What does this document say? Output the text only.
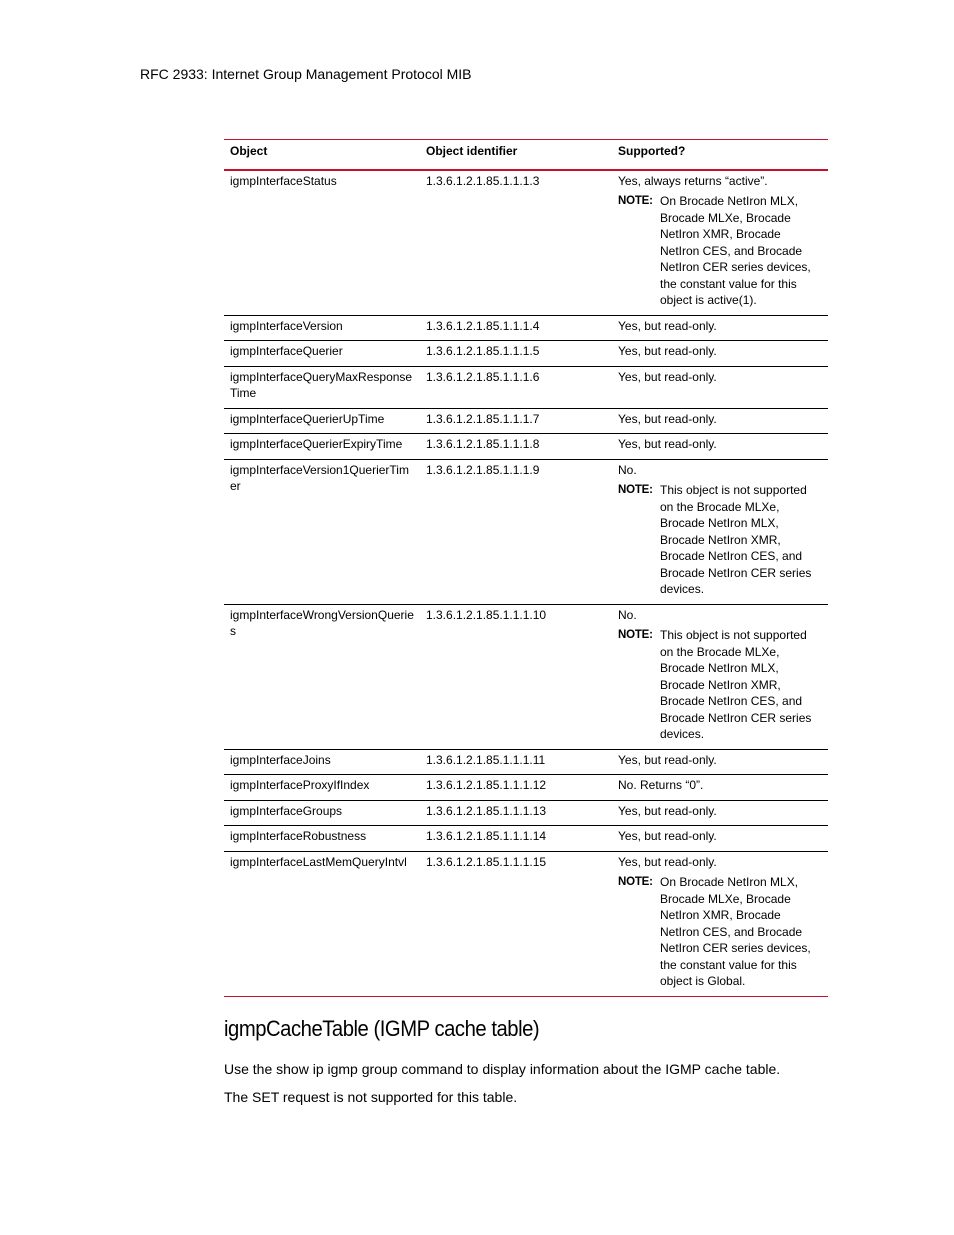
RFC 2933: Internet Group Management Protocol MIB
Object	Object identifier	Supported?
igmpInterfaceStatus	1.3.6.1.2.1.85.1.1.1.3	Yes, always returns “active”.
NOTE: On Brocade NetIron MLX, Brocade MLXe, Brocade NetIron XMR, Brocade NetIron CES, and Brocade NetIron CER series devices, the constant value for this object is active(1).

igmpInterfaceVersion	1.3.6.1.2.1.85.1.1.1.4	Yes, but read-only.

igmpInterfaceQuerier	1.3.6.1.2.1.85.1.1.1.5	Yes, but read-only.

igmpInterfaceQueryMaxResponseTime	1.3.6.1.2.1.85.1.1.1.6	Yes, but read-only.

igmpInterfaceQuerierUpTime	1.3.6.1.2.1.85.1.1.1.7	Yes, but read-only.

igmpInterfaceQuerierExpiryTime	1.3.6.1.2.1.85.1.1.1.8	Yes, but read-only.

igmpInterfaceVersion1QuerierTimer	1.3.6.1.2.1.85.1.1.1.9	No.
NOTE: This object is not supported on the Brocade MLXe, Brocade NetIron MLX, Brocade NetIron XMR, Brocade NetIron CES, and Brocade NetIron CER series devices.

igmpInterfaceWrongVersionQueries	1.3.6.1.2.1.85.1.1.1.10	No.
NOTE: This object is not supported on the Brocade MLXe, Brocade NetIron MLX, Brocade NetIron XMR, Brocade NetIron CES, and Brocade NetIron CER series devices.

igmpInterfaceJoins	1.3.6.1.2.1.85.1.1.1.11	Yes, but read-only.

igmpInterfaceProxyIfIndex	1.3.6.1.2.1.85.1.1.1.12	No. Returns “0”.

igmpInterfaceGroups	1.3.6.1.2.1.85.1.1.1.13	Yes, but read-only.

igmpInterfaceRobustness	1.3.6.1.2.1.85.1.1.1.14	Yes, but read-only.

igmpInterfaceLastMemQueryIntvl	1.3.6.1.2.1.85.1.1.1.15	Yes, but read-only.
NOTE: On Brocade NetIron MLX, Brocade MLXe, Brocade NetIron XMR, Brocade NetIron CES, and Brocade NetIron CER series devices, the constant value for this object is Global.
igmpCacheTable (IGMP cache table)

Use the show ip igmp group command to display information about the IGMP cache table.

The SET request is not supported for this table.
